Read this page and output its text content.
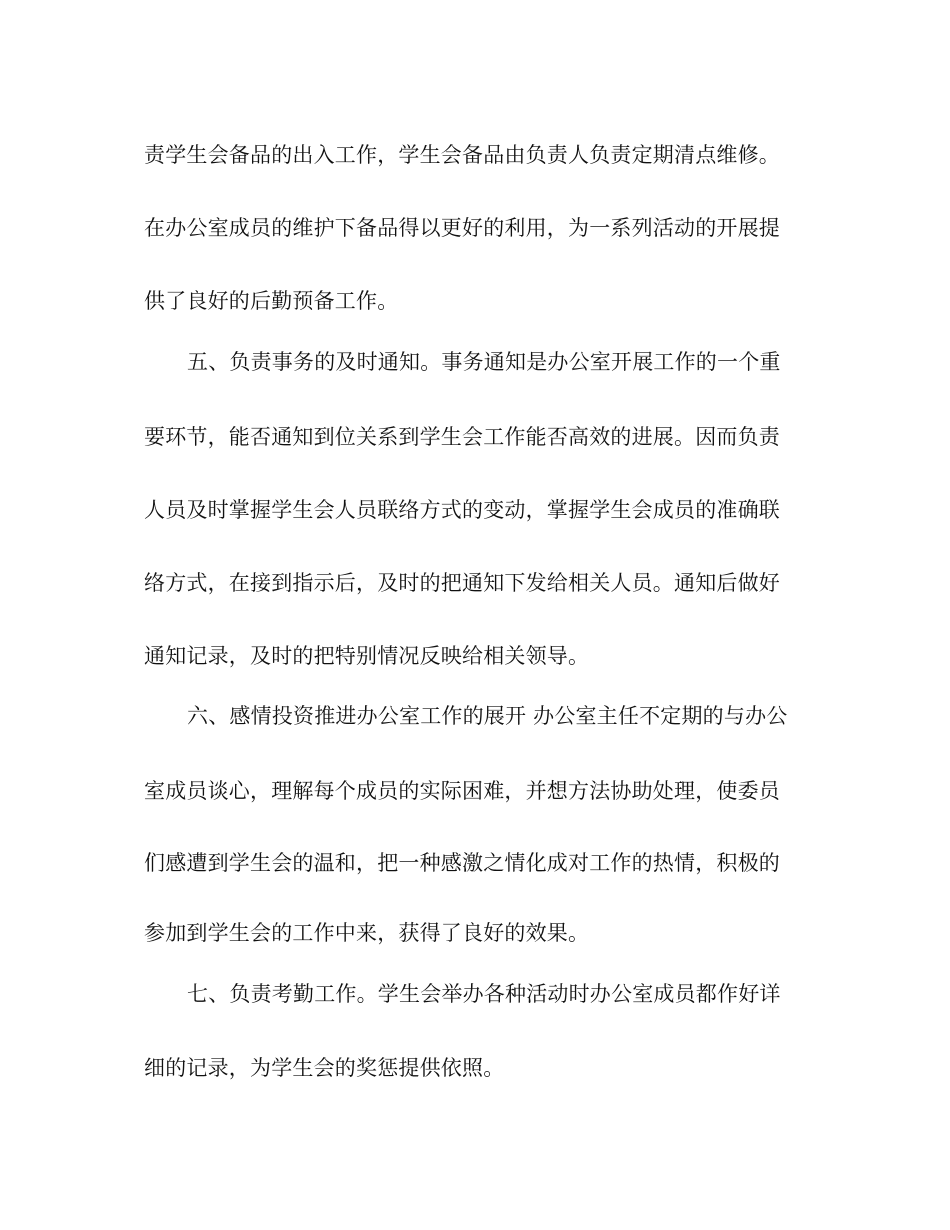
责学生会备品的出入工作，学生会备品由负责人负责定期清点维修。
在办公室成员的维护下备品得以更好的利用，为一系列活动的开展提
供了良好的后勤预备工作。
五、负责事务的及时通知。事务通知是办公室开展工作的一个重
要环节，能否通知到位关系到学生会工作能否高效的进展。因而负责
人员及时掌握学生会人员联络方式的变动，掌握学生会成员的准确联
络方式，在接到指示后，及时的把通知下发给相关人员。通知后做好
通知记录，及时的把特别情况反映给相关领导。
六、感情投资推进办公室工作的展开 办公室主任不定期的与办公
室成员谈心，理解每个成员的实际困难，并想方法协助处理，使委员
们感遭到学生会的温和，把一种感激之情化成对工作的热情，积极的
参加到学生会的工作中来，获得了良好的效果。
七、负责考勤工作。学生会举办各种活动时办公室成员都作好详
细的记录，为学生会的奖惩提供依照。
